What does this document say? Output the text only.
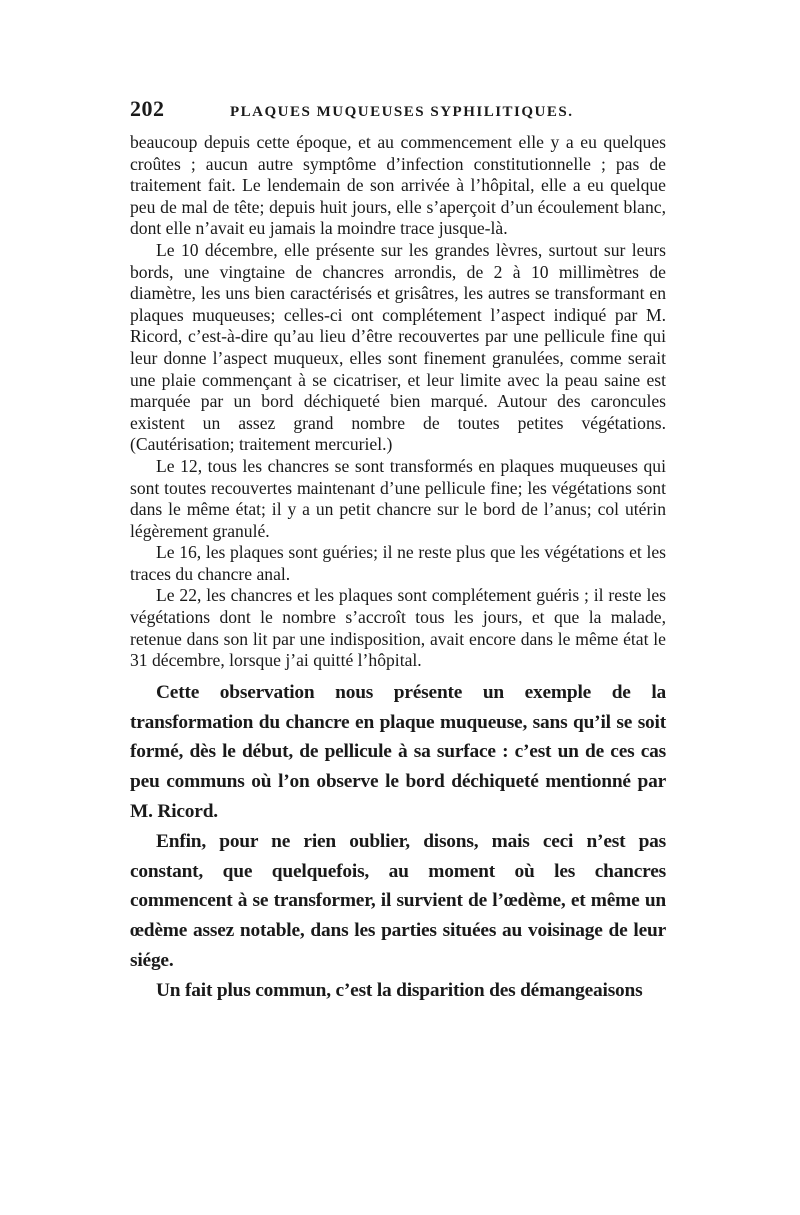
202	PLAQUES MUQUEUSES SYPHILITIQUES.

beaucoup depuis cette époque, et au commencement elle y a eu quelques croûtes ; aucun autre symptôme d’infection constitutionnelle ; pas de traitement fait. Le lendemain de son arrivée à l’hôpital, elle a eu quelque peu de mal de tête; depuis huit jours, elle s’aperçoit d’un écoulement blanc, dont elle n’avait eu jamais la moindre trace jusque-là.

Le 10 décembre, elle présente sur les grandes lèvres, surtout sur leurs bords, une vingtaine de chancres arrondis, de 2 à 10 millimètres de diamètre, les uns bien caractérisés et grisâtres, les autres se transformant en plaques muqueuses; celles-ci ont complétement l’aspect indiqué par M. Ricord, c’est-à-dire qu’au lieu d’être recouvertes par une pellicule fine qui leur donne l’aspect muqueux, elles sont finement granulées, comme serait une plaie commençant à se cicatriser, et leur limite avec la peau saine est marquée par un bord déchiqueté bien marqué. Autour des caroncules existent un assez grand nombre de toutes petites végétations. (Cautérisation; traitement mercuriel.)

Le 12, tous les chancres se sont transformés en plaques muqueuses qui sont toutes recouvertes maintenant d’une pellicule fine; les végétations sont dans le même état; il y a un petit chancre sur le bord de l’anus; col utérin légèrement granulé.

Le 16, les plaques sont guéries; il ne reste plus que les végétations et les traces du chancre anal.

Le 22, les chancres et les plaques sont complétement guéris ; il reste les végétations dont le nombre s’accroît tous les jours, et que la malade, retenue dans son lit par une indisposition, avait encore dans le même état le 31 décembre, lorsque j’ai quitté l’hôpital.

Cette observation nous présente un exemple de la transformation du chancre en plaque muqueuse, sans qu’il se soit formé, dès le début, de pellicule à sa surface : c’est un de ces cas peu communs où l’on observe le bord déchiqueté mentionné par M. Ricord.

Enfin, pour ne rien oublier, disons, mais ceci n’est pas constant, que quelquefois, au moment où les chancres commencent à se transformer, il survient de l’œdème, et même un œdème assez notable, dans les parties situées au voisinage de leur siége.

Un fait plus commun, c’est la disparition des démangeaisons
